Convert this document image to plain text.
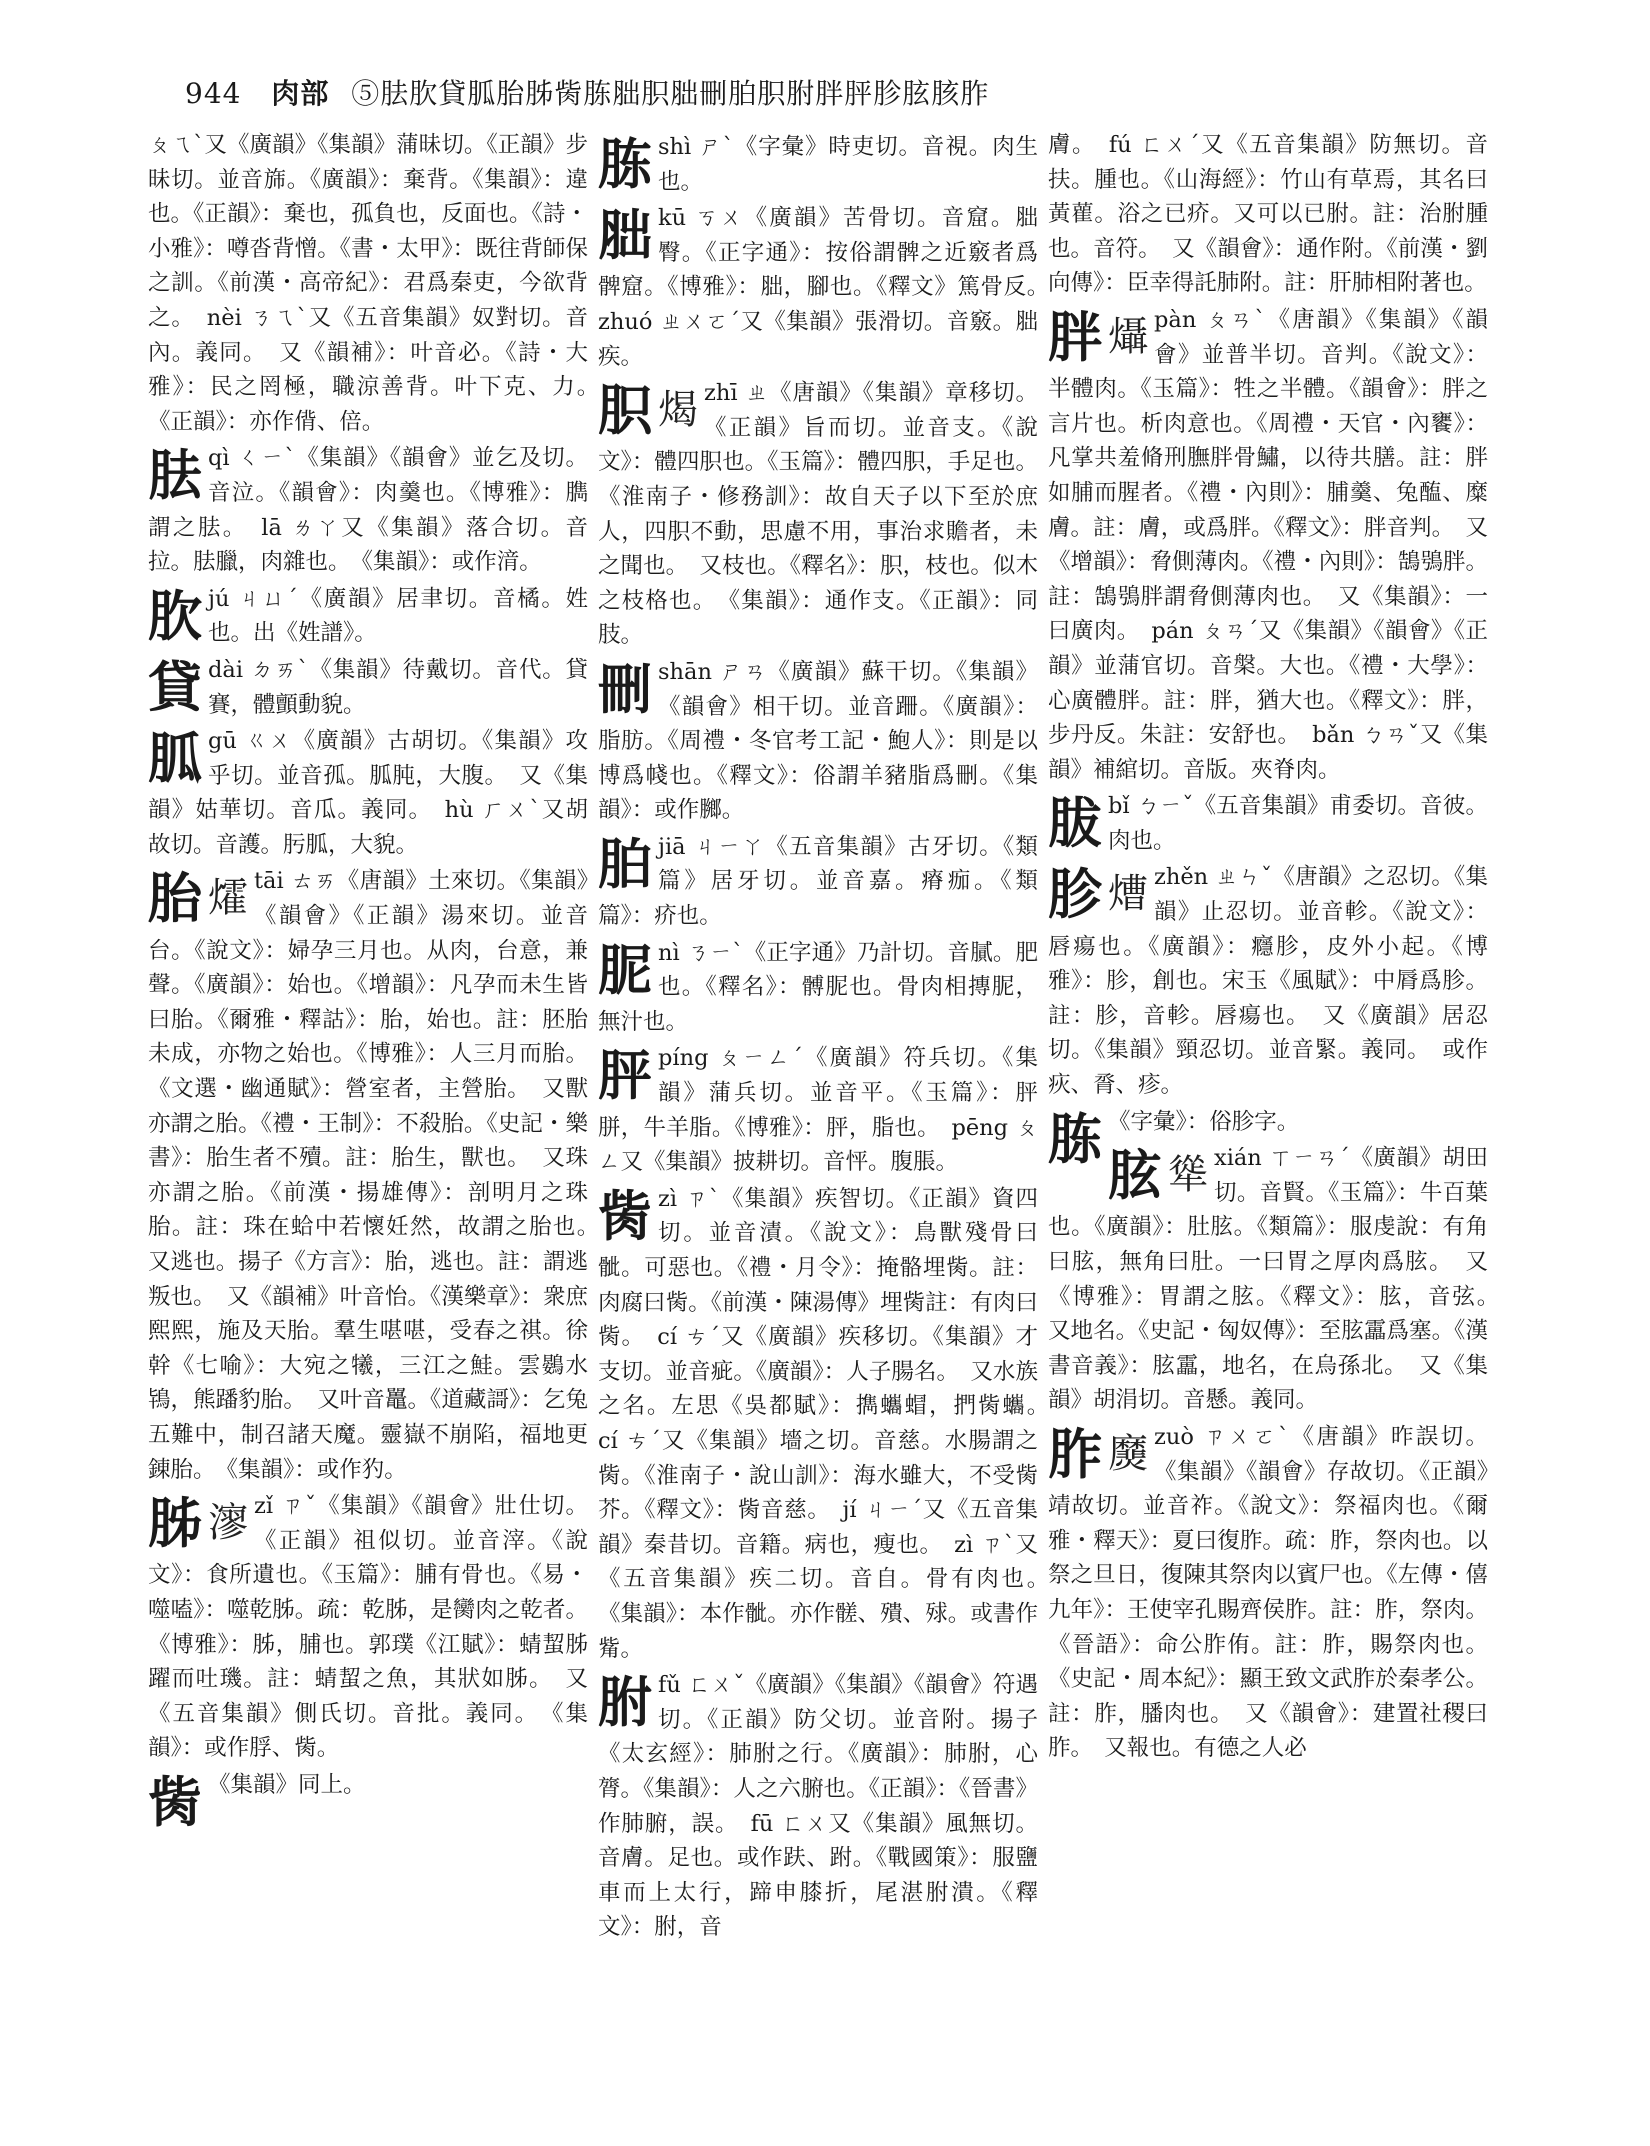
944 肉部 ⑤胠肷貸胍胎胏胔胨胐胑胐刪胉胑胕胖胓胗胘胲胙
ㄆㄟˋ又《廣韻》《集韻》蒲昧切。《正韻》步昧切。並音旆。《廣韻》：棄背。《集韻》：違也。《正韻》：棄也，孤負也，反面也。《詩・小雅》：噂沓背憎。《書・太甲》：既往背師保之訓。《前漢・高帝紀》：君爲秦吏，今欲背之。　nèi ㄋㄟˋ又《五音集韻》奴對切。音內。義同。　又《韻補》：叶音必。《詩・大雅》：民之罔極，職涼善背。叶下克、力。　《正韻》：亦作偝、倍。
胠 qì ㄑㄧˋ《集韻》《韻會》並乞及切。音泣。《韻會》：肉羹也。《博雅》：臇謂之胠。　lā ㄌㄚ又《集韻》落合切。音拉。胠臘，肉雜也。　《集韻》：或作湇。
肷 jú ㄐㄩˊ《廣韻》居聿切。音橘。姓也。出《姓譜》。
貸 dài ㄉㄞˋ《集韻》待戴切。音代。貸賽，體顫動貌。
胍 gū ㄍㄨ《廣韻》古胡切。《集韻》攻乎切。並音孤。胍肫，大腹。　又《集韻》姑華切。音瓜。義同。　hù ㄏㄨˋ又胡故切。音護。肟胍，大貌。
胎 㸌 tāi ㄊㄞ《唐韻》土來切。《集韻》《韻會》《正韻》湯來切。並音台。《說文》：婦孕三月也。从肉，台意，兼聲。《廣韻》：始也。《增韻》：凡孕而未生皆曰胎。《爾雅・釋詁》：胎，始也。註：胚胎未成，亦物之始也。《博雅》：人三月而胎。《文選・幽通賦》：營室者，主營胎。　又獸亦謂之胎。《禮・王制》：不殺胎。《史記・樂書》：胎生者不殰。註：胎生，獸也。　又珠亦謂之胎。《前漢・揚雄傳》：剖明月之珠胎。註：珠在蛤中若懷妊然，故謂之胎也。　又逃也。揚子《方言》：胎，逃也。註：謂逃叛也。　又《韻補》叶音怡。《漢樂章》：衆庶熙熙，施及天胎。羣生啿啿，受春之祺。徐幹《七喻》：大宛之犧，三江之鮭。雲鷃水鴇，熊蹯豹胎。　又叶音鼉。《道藏謌》：乞兔五難中，制召諸天魔。靈嶽不崩陷，福地更錬胎。　《集韻》：或作犳。
胏 㵳 zǐ ㄗˇ《集韻》《韻會》壯仕切。《正韻》祖似切。並音滓。《說文》：食所遺也。《玉篇》：脯有骨也。《易・噬嗑》：噬乾胏。疏：乾胏，是臠肉之乾者。《博雅》：胏，脯也。郭璞《江賦》：蜻蛪胏躍而吐璣。註：蜻蛪之魚，其狀如胏。　又《五音集韻》側氏切。音批。義同。　《集韻》：或作脬、胔。
胔 《集韻》同上。
胨 shì ㄕˋ《字彙》時吏切。音視。肉生也。
胐 kū ㄎㄨ《廣韻》苦骨切。音窟。胐臀。《正字通》：按俗謂髀之近竅者爲髀窟。《博雅》：胐，腳也。《釋文》篤骨反。　zhuó ㄓㄨㄛˊ又《集韻》張滑切。音竅。胐疾。
胑 㷎 zhī ㄓ《唐韻》《集韻》章移切。《正韻》旨而切。並音支。《說文》：體四胑也。《玉篇》：體四胑，手足也。《淮南子・修務訓》：故自天子以下至於庶人，四胑不動，思慮不用，事治求贍者，未之聞也。　又枝也。《釋名》：胑，枝也。似木之枝格也。　《集韻》：通作支。《正韻》：同肢。
刪 shān ㄕㄢ《廣韻》蘇干切。《集韻》《韻會》相干切。並音跚。《廣韻》：脂肪。《周禮・冬官考工記・鮑人》：則是以博爲帴也。《釋文》：俗謂羊豬脂爲刪。《集韻》：或作膷。
胉 jiā ㄐㄧㄚ《五音集韻》古牙切。《類篇》居牙切。並音嘉。瘠痂。《類篇》：疥也。
胒 nì ㄋㄧˋ《正字通》乃計切。音膩。肥也。《釋名》：髆胒也。骨肉相摶胒，無汁也。
胓 píng ㄆㄧㄥˊ《廣韻》符兵切。《集韻》蒲兵切。並音平。《玉篇》：胓胼，牛羊脂。《博雅》：胓，脂也。　pēng ㄆㄥ又《集韻》披耕切。音怦。腹脹。
胔 zì ㄗˋ《集韻》疾智切。《正韻》資四切。並音漬。《說文》：鳥獸殘骨曰骴。可惡也。《禮・月令》：掩骼埋胔。註：肉腐曰胔。《前漢・陳湯傳》埋胔註：有肉曰胔。　cí ㄘˊ又《廣韻》疾移切。《集韻》才支切。並音疵。《廣韻》：人子腸名。　又水族之名。左思《吳都賦》：擕蠵蝐，捫胔蠵。　cí ㄘˊ又《集韻》墻之切。音慈。水腸謂之胔。《淮南子・說山訓》：海水雖大，不受胔芥。《釋文》：胔音慈。　jí ㄐㄧˊ又《五音集韻》秦昔切。音籍。病也，瘦也。　zì ㄗˋ又《五音集韻》疾二切。音自。骨有肉也。　《集韻》：本作骴。亦作髊、殨、殏。或書作觜。
胕 fǔ ㄈㄨˇ《廣韻》《集韻》《韻會》符遇切。《正韻》防父切。並音附。揚子《太玄經》：肺胕之行。《廣韻》：肺胕，心膂。《集韻》：人之六腑也。《正韻》：《晉書》作肺腑，誤。　fū ㄈㄨ又《集韻》風無切。音膚。足也。或作趺、跗。《戰國策》：服鹽車而上太行，蹄申膝折，尾湛胕潰。《釋文》：胕，音
膚。　fú ㄈㄨˊ又《五音集韻》防無切。音扶。腫也。《山海經》：竹山有草焉，其名曰黃雚。浴之已疥。又可以已胕。註：治胕腫也。音符。　又《韻會》：通作附。《前漢・劉向傳》：臣幸得託肺附。註：肝肺相附著也。
胖 㸎 pàn ㄆㄢˋ《唐韻》《集韻》《韻會》並普半切。音判。《說文》：半體肉。《玉篇》：牲之半體。《韻會》：胖之言片也。析肉意也。《周禮・天官・內饔》：凡掌共羞脩刑膴胖骨鱐，以待共膳。註：胖如脯而腥者。《禮・內則》：脯羹、兔醢、糜膚。註：膚，或爲胖。《釋文》：胖音判。　又《增韻》：脅側薄肉。《禮・內則》：鵠鴞胖。註：鵠鴞胖謂脅側薄肉也。　又《集韻》：一曰廣肉。　pán ㄆㄢˊ又《集韻》《韻會》《正韻》並蒲官切。音槃。大也。《禮・大學》：心廣體胖。註：胖，猶大也。《釋文》：胖，步丹反。朱註：安舒也。　bǎn ㄅㄢˇ又《集韻》補綰切。音版。夾脊肉。
胈 bǐ ㄅㄧˇ《五音集韻》甫委切。音彼。肉也。
胗 㷮 zhěn ㄓㄣˇ《唐韻》之忍切。《集韻》止忍切。並音軫。《說文》：唇瘍也。《廣韻》：癮胗，皮外小起。《博雅》：胗，創也。宋玉《風賦》：中脣爲胗。註：胗，音軫。唇瘍也。　又《廣韻》居忍切。《集韻》頸忍切。並音緊。義同。　或作疢、脀、疹。
胨 《字彙》：俗胗字。
胘 㹐 xián ㄒㄧㄢˊ《廣韻》胡田切。音賢。《玉篇》：牛百葉也。《廣韻》：肚胘。《類篇》：服虔說：有角曰胘，無角曰肚。一曰胃之厚肉爲胘。　又《博雅》：胃謂之胘。《釋文》：胘，音弦。　又地名。《史記・匈奴傳》：至胘靁爲塞。《漢書音義》：胘靁，地名，在烏孫北。　又《集韻》胡涓切。音懸。義同。
胙 㸏 zuò ㄗㄨㄛˋ《唐韻》昨誤切。《集韻》《韻會》存故切。《正韻》靖故切。並音祚。《說文》：祭福肉也。《爾雅・釋天》：夏曰復胙。疏：胙，祭肉也。以祭之旦日，復陳其祭肉以賓尸也。《左傳・僖九年》：王使宰孔賜齊侯胙。註：胙，祭肉。《晉語》：命公胙侑。註：胙，賜祭肉也。《史記・周本紀》：顯王致文武胙於秦孝公。註：胙，膰肉也。　又《韻會》：建置社稷曰胙。　又報也。有德之人必
